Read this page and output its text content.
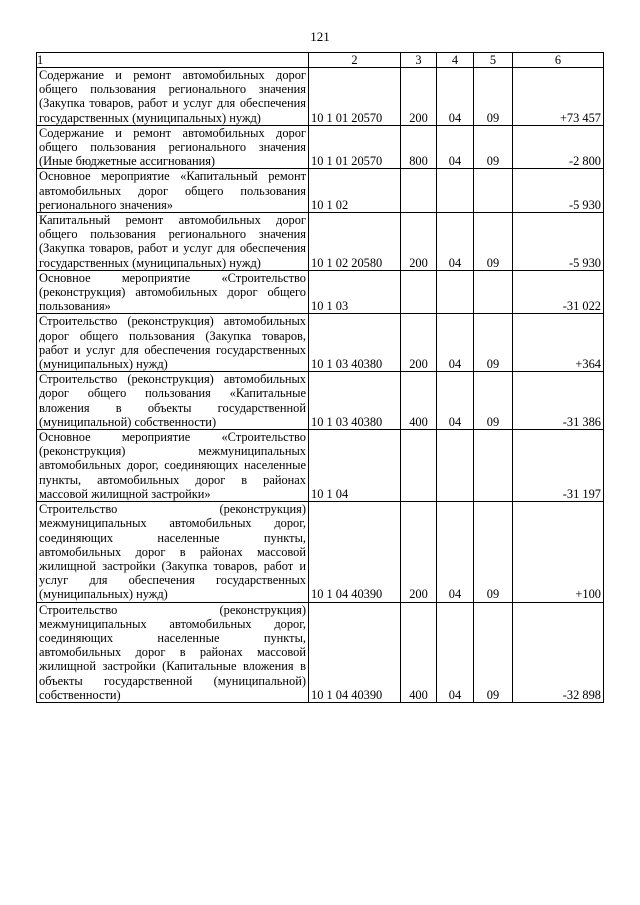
121
1	2	3	4	5	6
Содержание и ремонт автомобильных дорог общего пользования регионального значения (Закупка товаров, работ и услуг для обеспечения государственных (муниципальных) нужд)	10 1 01 20570	200	04	09	+73 457
Содержание и ремонт автомобильных дорог общего пользования регионального значения (Иные бюджетные ассигнования)	10 1 01 20570	800	04	09	-2 800
Основное мероприятие «Капитальный ремонт автомобильных дорог общего пользования регионального значения»	10 1 02				-5 930
Капитальный ремонт автомобильных дорог общего пользования регионального значения (Закупка товаров, работ и услуг для обеспечения государственных (муниципальных) нужд)	10 1 02 20580	200	04	09	-5 930
Основное мероприятие «Строительство (реконструкция) автомобильных дорог общего пользования»	10 1 03				-31 022
Строительство (реконструкция) автомобильных дорог общего пользования (Закупка товаров, работ и услуг для обеспечения государственных (муниципальных) нужд)	10 1 03 40380	200	04	09	+364
Строительство (реконструкция) автомобильных дорог общего пользования «Капитальные вложения в объекты государственной (муниципальной) собственности)	10 1 03 40380	400	04	09	-31 386
Основное мероприятие «Строительство (реконструкция) межмуниципальных автомобильных дорог, соединяющих населенные пункты, автомобильных дорог в районах массовой жилищной застройки»	10 1 04				-31 197
Строительство (реконструкция) межмуниципальных автомобильных дорог, соединяющих населенные пункты, автомобильных дорог в районах массовой жилищной застройки (Закупка товаров, работ и услуг для обеспечения государственных (муниципальных) нужд)	10 1 04 40390	200	04	09	+100
Строительство (реконструкция) межмуниципальных автомобильных дорог, соединяющих населенные пункты, автомобильных дорог в районах массовой жилищной застройки (Капитальные вложения в объекты государственной (муниципальной) собственности)	10 1 04 40390	400	04	09	-32 898
